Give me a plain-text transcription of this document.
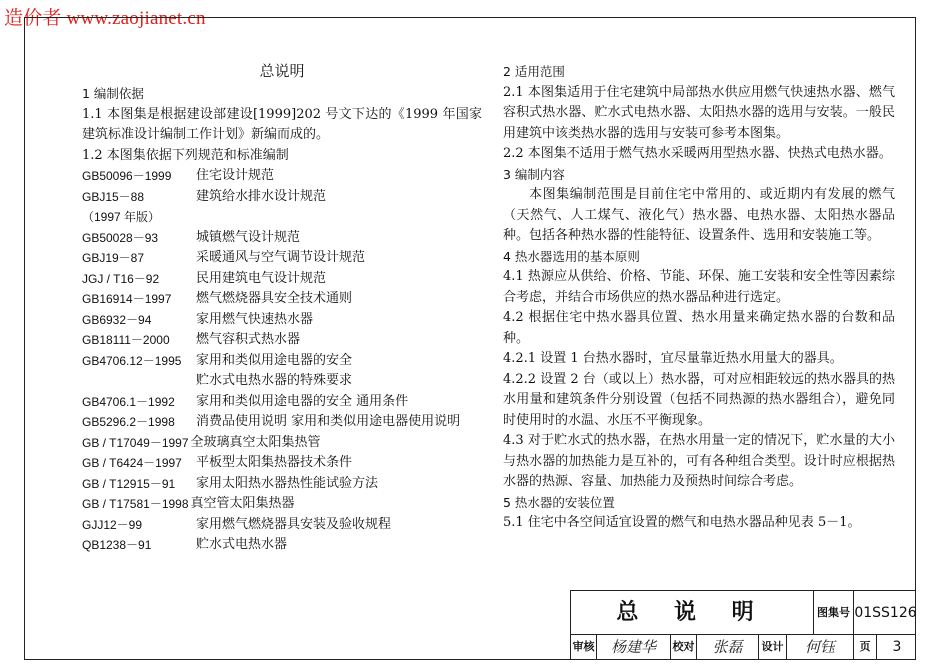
造价者 www.zaojianet.cn
总说明

1 编制依据

1.1 本图集是根据建设部建设[1999]202 号文下达的《1999 年国家建筑标准设计编制工作计划》新编而成的。

1.2 本图集依据下列规范和标准编制

GB50096－1999	住宅设计规范
GBJ15－88	建筑给水排水设计规范
（1997 年版）
GB50028－93	城镇燃气设计规范
GBJ19－87	采暖通风与空气调节设计规范
JGJ / T16－92	民用建筑电气设计规范
GB16914－1997	燃气燃烧器具安全技术通则
GB6932－94	家用燃气快速热水器
GB18111－2000	燃气容积式热水器
GB4706.12－1995	家用和类似用途电器的安全
贮水式电热水器的特殊要求
GB4706.1－1992	家用和类似用途电器的安全 通用条件
GB5296.2－1998	消费品使用说明 家用和类似用途电器使用说明
GB / T17049－1997 全玻璃真空太阳集热管
GB / T6424－1997	平板型太阳集热器技术条件
GB / T12915－91	家用太阳热水器热性能试验方法
GB / T17581－1998 真空管太阳集热器
GJJ12－99	家用燃气燃烧器具安装及验收规程
QB1238－91	贮水式电热水器

2 适用范围

2.1 本图集适用于住宅建筑中局部热水供应用燃气快速热水器、燃气容积式热水器、贮水式电热水器、太阳热水器的选用与安装。一般民用建筑中该类热水器的选用与安装可参考本图集。

2.2 本图集不适用于燃气热水采暖两用型热水器、快热式电热水器。

3 编制内容

本图集编制范围是目前住宅中常用的、或近期内有发展的燃气（天然气、人工煤气、液化气）热水器、电热水器、太阳热水器品种。包括各种热水器的性能特征、设置条件、选用和安装施工等。

4 热水器选用的基本原则

4.1 热源应从供给、价格、节能、环保、施工安装和安全性等因素综合考虑，并结合市场供应的热水器品种进行选定。

4.2 根据住宅中热水器具位置、热水用量来确定热水器的台数和品种。

4.2.1 设置 1 台热水器时，宜尽量靠近热水用量大的器具。

4.2.2 设置 2 台（或以上）热水器，可对应相距较远的热水器具的热水用量和建筑条件分别设置（包括不同热源的热水器组合），避免同时使用时的水温、水压不平衡现象。

4.3 对于贮水式的热水器，在热水用量一定的情况下，贮水量的大小与热水器的加热能力是互补的，可有各种组合类型。设计时应根据热水器的热源、容量、加热能力及预热时间综合考虑。

5 热水器的安装位置

5.1 住宅中各空间适宜设置的燃气和电热水器品种见表 5－1。

总 说 明	图集号 01SS126
审核	杨建华	校对	张磊	设计	何钰	页	3
